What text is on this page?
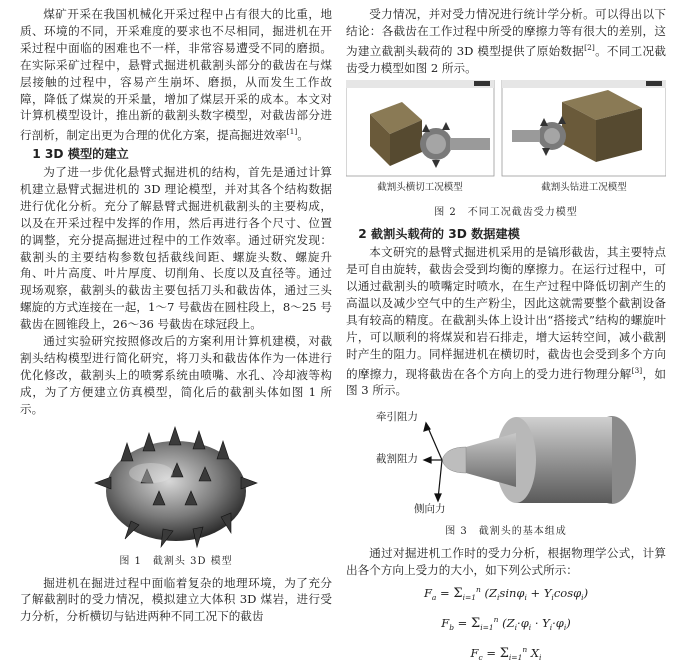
煤矿开采在我国机械化开采过程中占有很大的比重，地质、环境的不同，开采难度的要求也不尽相同，掘进机在开采过程中面临的困难也不一样，非常容易遭受不同的磨损。在实际采矿过程中，悬臂式掘进机截割头部分的截齿在与煤层接触的过程中，容易产生崩坏、磨损，从而发生工作故障，降低了煤炭的开采量，增加了煤层开采的成本。本文对计算机模型设计，推出新的截割头数字模型，对截齿部分进行剖析，制定出更为合理的优化方案，提高掘进效率[1]。

1 3D 模型的建立

为了进一步优化悬臂式掘进机的结构，首先是通过计算机建立悬臂式掘进机的 3D 理论模型，并对其各个结构数据进行优化分析。充分了解悬臂式掘进机截割头的主要构成，以及在开采过程中发挥的作用，然后再进行各个尺寸、位置的调整，充分提高掘进过程中的工作效率。通过研究发现：截割头的主要结构参数包括截线间距、螺旋头数、螺旋升角、叶片高度、叶片厚度、切削角、长度以及直径等。通过现场观察，截割头的截齿主要包括刀头和截齿体，通过三头螺旋的方式连接在一起，1～7 号截齿在圆柱段上，8～25 号截齿在圆锥段上，26～36 号截齿在球冠段上。

通过实验研究按照修改后的方案利用计算机建模，对截割头结构模型进行简化研究，将刀头和截齿体作为一体进行优化修改，截割头上的喷雾系统由喷嘴、水孔、冷却液等构成，为了方便建立仿真模型，简化后的截割头体如图 1 所示。

图 1　截割头 3D 模型

掘进机在掘进过程中面临着复杂的地理环境，为了充分了解截割时的受力情况，模拟建立大体积 3D 煤岩，进行受力分析，分析横切与钻进两种不同工况下的截齿

受力情况，并对受力情况进行统计学分析。可以得出以下结论：各截齿在工作过程中所受的摩擦力等有很大的差别，这为建立截割头载荷的 3D 模型提供了原始数据[2]。不同工况截齿受力模型如图 2 所示。

截割头横切工况模型	截割头钻进工况模型
图 2　不同工况截齿受力模型
2 截割头载荷的 3D 数据建模

本文研究的悬臂式掘进机采用的是镐形截齿，其主要特点是可自由旋转，截齿会受到均衡的摩擦力。在运行过程中，可以通过截割头的喷嘴定时喷水，在生产过程中降低切割产生的高温以及减少空气中的生产粉尘，因此这就需要整个截割设备具有较高的精度。在截割头体上设计出“搭接式”结构的螺旋叶片，可以顺利的将煤炭和岩石排走，增大运转空间，减小截割时产生的阻力。同样掘进机在横切时，截齿也会受到多个方向的摩擦力，现将截齿在各个方向上的受力进行物理分解[3]，如图 3 所示。

牵引阻力
截割阻力
侧向力
图 3　截割头的基本组成

通过对掘进机工作时的受力分析，根据物理学公式，计算出各个方向上受力的大小，如下列公式所示：

$F_a = \Sigma_{i=1}^n$ $(Z_i\sin\varphi_i + Y_i\cos\varphi_i)$
$F_b = \Sigma_{i=1}^n$ $(Z_i\cdot\varphi_i \cdot Y_i\cdot\varphi_i)$
$F_c = \Sigma_{i=1}^n$ $X_i$
